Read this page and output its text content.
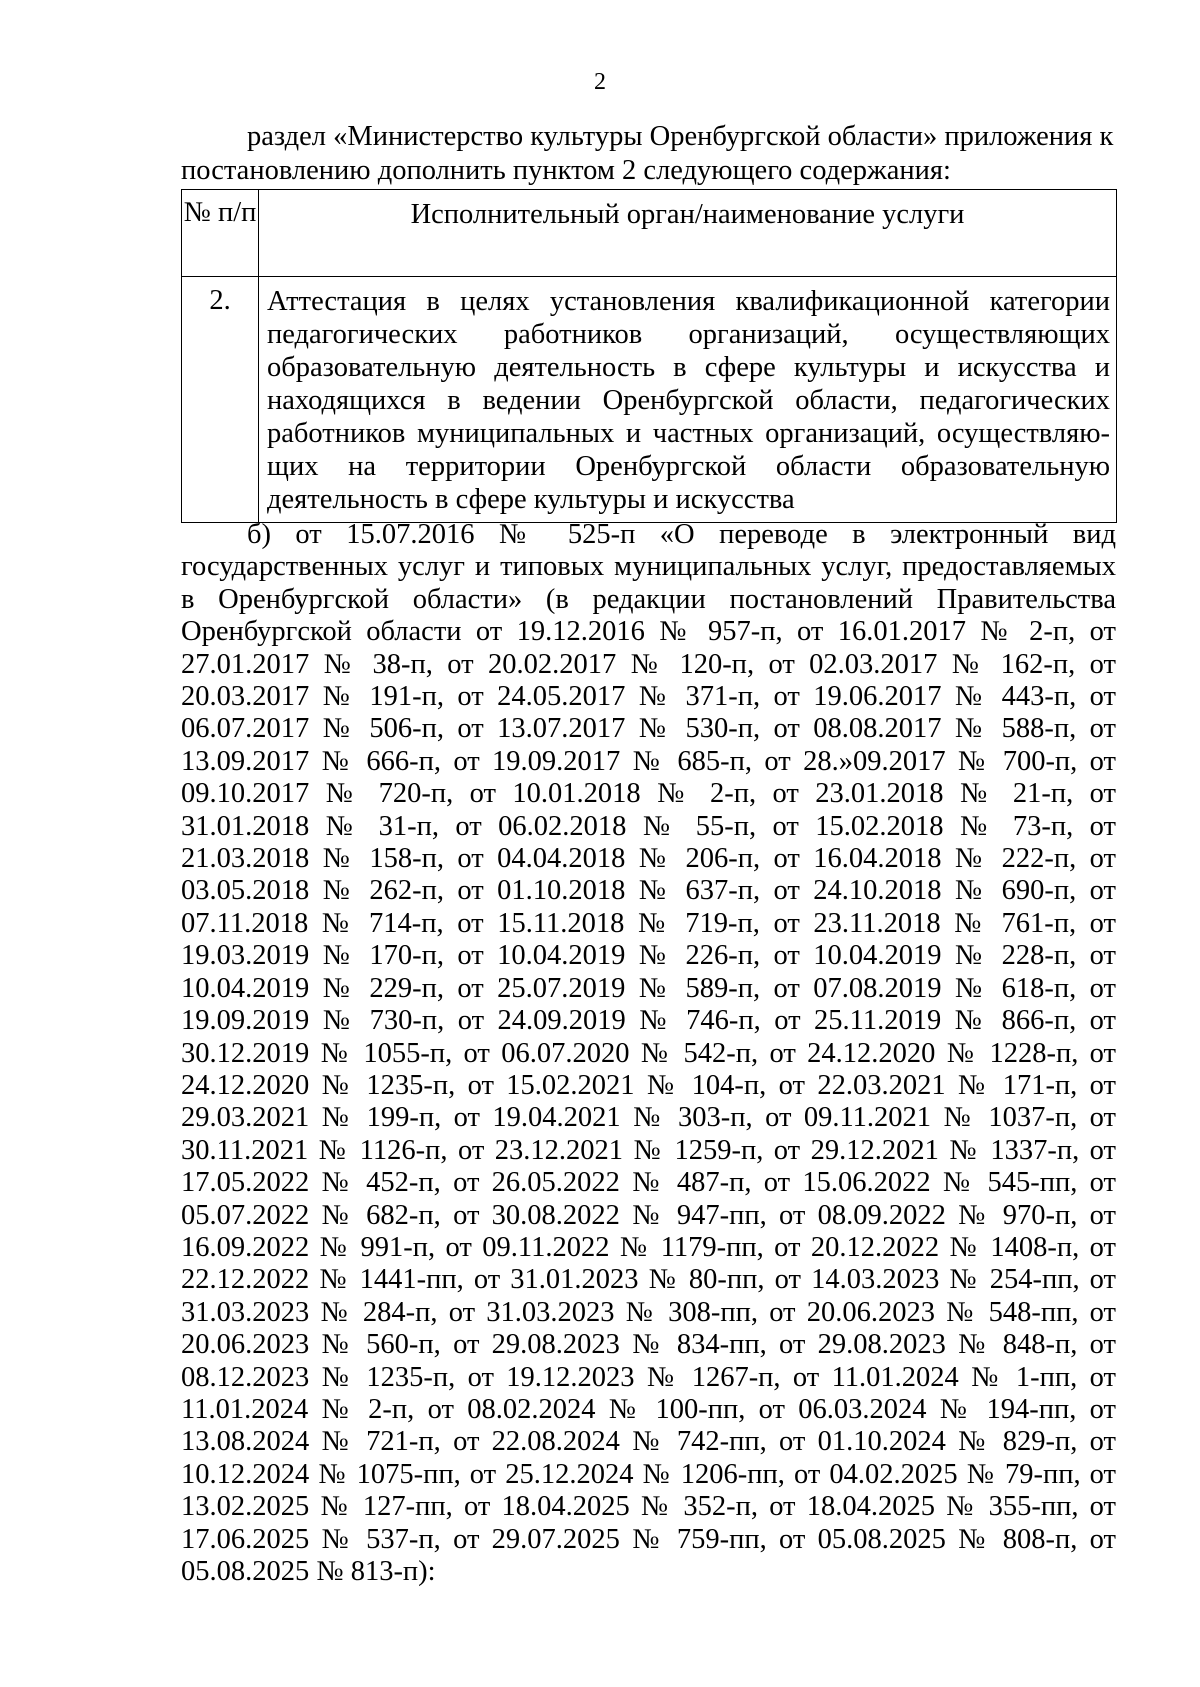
2
раздел «Министерство культуры Оренбургской области» приложения к
постановлению дополнить пунктом 2 следующего содержания:
№ п/п	Исполнительный орган/наименование услуги
2.	Аттестация в целях установления квалификационной категории педагогических работников организаций, осуществляющих образовательную деятельность в сфере культуры и искусства и находящихся в ведении Оренбургской области, педагогических работников муниципальных и частных организаций, осуществляющих на территории Оренбургской области образовательную деятельность в сфере культуры и искусства
б) от 15.07.2016 № 525-п «О переводе в электронный вид государственных услуг и типовых муниципальных услуг, предоставляемых в Оренбургской области» (в редакции постановлений Правительства Оренбургской области от 19.12.2016 № 957-п, от 16.01.2017 № 2-п, от 27.01.2017 № 38-п, от 20.02.2017 № 120-п, от 02.03.2017 № 162-п, от 20.03.2017 № 191-п, от 24.05.2017 № 371-п, от 19.06.2017 № 443-п, от 06.07.2017 № 506-п, от 13.07.2017 № 530-п, от 08.08.2017 № 588-п, от 13.09.2017 № 666-п, от 19.09.2017 № 685-п, от 28.»09.2017 № 700-п, от 09.10.2017 № 720-п, от 10.01.2018 № 2-п, от 23.01.2018 № 21-п, от 31.01.2018 № 31-п, от 06.02.2018 № 55-п, от 15.02.2018 № 73-п, от 21.03.2018 № 158-п, от 04.04.2018 № 206-п, от 16.04.2018 № 222-п, от 03.05.2018 № 262-п, от 01.10.2018 № 637-п, от 24.10.2018 № 690-п, от 07.11.2018 № 714-п, от 15.11.2018 № 719-п, от 23.11.2018 № 761-п, от 19.03.2019 № 170-п, от 10.04.2019 № 226-п, от 10.04.2019 № 228-п, от 10.04.2019 № 229-п, от 25.07.2019 № 589-п, от 07.08.2019 № 618-п, от 19.09.2019 № 730-п, от 24.09.2019 № 746-п, от 25.11.2019 № 866-п, от 30.12.2019 № 1055-п, от 06.07.2020 № 542-п, от 24.12.2020 № 1228-п, от 24.12.2020 № 1235-п, от 15.02.2021 № 104-п, от 22.03.2021 № 171-п, от 29.03.2021 № 199-п, от 19.04.2021 № 303-п, от 09.11.2021 № 1037-п, от 30.11.2021 № 1126-п, от 23.12.2021 № 1259-п, от 29.12.2021 № 1337-п, от 17.05.2022 № 452-п, от 26.05.2022 № 487-п, от 15.06.2022 № 545-пп, от 05.07.2022 № 682-п, от 30.08.2022 № 947-пп, от 08.09.2022 № 970-п, от 16.09.2022 № 991-п, от 09.11.2022 № 1179-пп, от 20.12.2022 № 1408-п, от 22.12.2022 № 1441-пп, от 31.01.2023 № 80-пп, от 14.03.2023 № 254-пп, от 31.03.2023 № 284-п, от 31.03.2023 № 308-пп, от 20.06.2023 № 548-пп, от 20.06.2023 № 560-п, от 29.08.2023 № 834-пп, от 29.08.2023 № 848-п, от 08.12.2023 № 1235-п, от 19.12.2023 № 1267-п, от 11.01.2024 № 1-пп, от 11.01.2024 № 2-п, от 08.02.2024 № 100-пп, от 06.03.2024 № 194-пп, от 13.08.2024 № 721-п, от 22.08.2024 № 742-пп, от 01.10.2024 № 829-п, от 10.12.2024 № 1075-пп, от 25.12.2024 № 1206-пп, от 04.02.2025 № 79-пп, от 13.02.2025 № 127-пп, от 18.04.2025 № 352-п, от 18.04.2025 № 355-пп, от 17.06.2025 № 537-п, от 29.07.2025 № 759-пп, от 05.08.2025 № 808-п, от 05.08.2025 № 813-п):
